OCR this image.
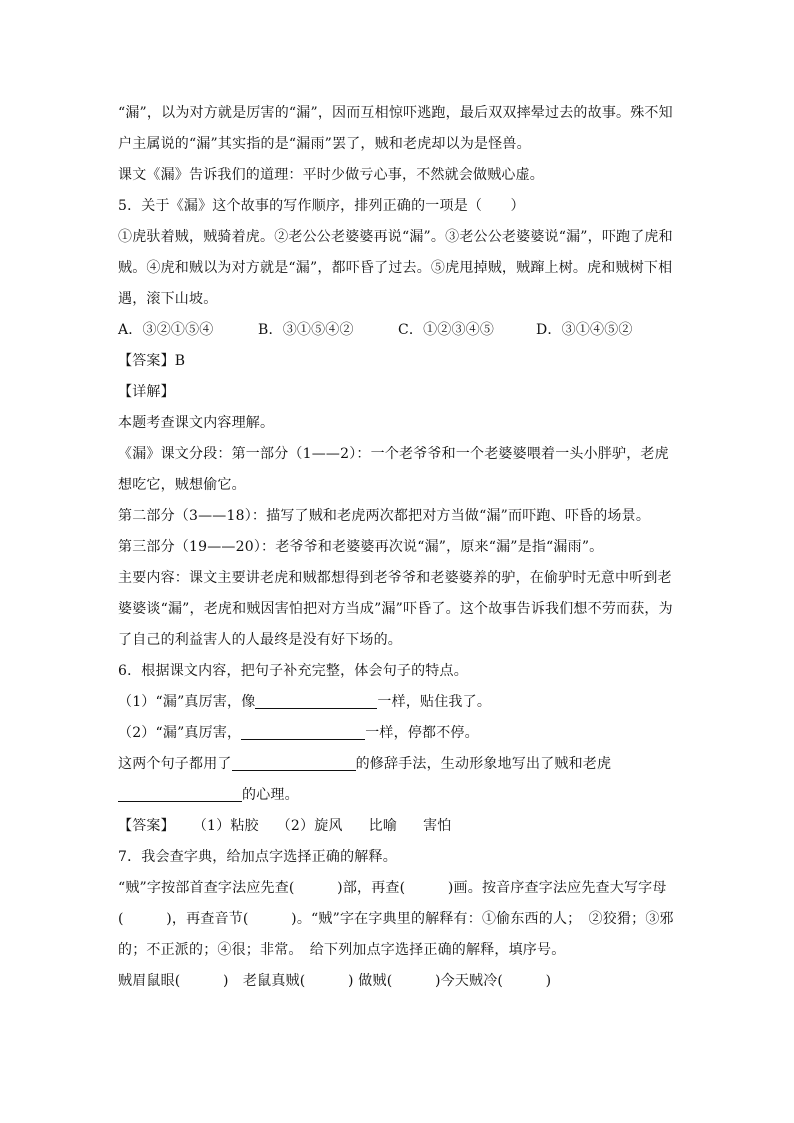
“漏”，以为对方就是厉害的“漏”，因而互相惊吓逃跑，最后双双摔晕过去的故事。殊不知
户主属说的“漏”其实指的是“漏雨”罢了，贼和老虎却以为是怪兽。
课文《漏》告诉我们的道理：平时少做亏心事，不然就会做贼心虚。
5．关于《漏》这个故事的写作顺序，排列正确的一项是（　　）
①虎驮着贼，贼骑着虎。②老公公老婆婆再说“漏”。③老公公老婆婆说“漏”，吓跑了虎和
贼。④虎和贼以为对方就是“漏”，都吓昏了过去。⑤虎甩掉贼，贼蹿上树。虎和贼树下相
遇，滚下山坡。
A．③②①⑤④	B．③①⑤④②	C．①②③④⑤	D．③①④⑤②
【答案】B
【详解】
本题考查课文内容理解。
《漏》课文分段：第一部分（1——2）：一个老爷爷和一个老婆婆喂着一头小胖驴，老虎
想吃它，贼想偷它。
第二部分（3——18）：描写了贼和老虎两次都把对方当做“漏”而吓跑、吓昏的场景。
第三部分（19——20）：老爷爷和老婆婆再次说“漏”，原来“漏”是指“漏雨”。
主要内容：课文主要讲老虎和贼都想得到老爷爷和老婆婆养的驴，在偷驴时无意中听到老
婆婆谈“漏”，老虎和贼因害怕把对方当成”漏”吓昏了。这个故事告诉我们想不劳而获，为
了自己的利益害人的人最终是没有好下场的。
6．根据课文内容，把句子补充完整，体会句子的特点。
（1）“漏”真厉害，像	一样，贴住我了。
（2）“漏”真厉害，	一样，停都不停。
这两个句子都用了	的修辞手法，生动形象地写出了贼和老虎
的心理。
【答案】 （1）粘胶 （2）旋风 比喻 害怕
7．我会查字典，给加点字选择正确的解释。
“贼”字按部首查字法应先查(　　　)部，再查(　　　)画。按音序查字法应先查大写字母
(　　　)，再查音节(　　　)。“贼”字在字典里的解释有：①偷东西的人；　②狡猾；③邪
的；不正派的；④很；非常。　给下列加点字选择正确的解释，填序号。
贼眉鼠眼(　　　)　老鼠真贼(　　　) 做贼(　　　)今天贼冷(　　　)
